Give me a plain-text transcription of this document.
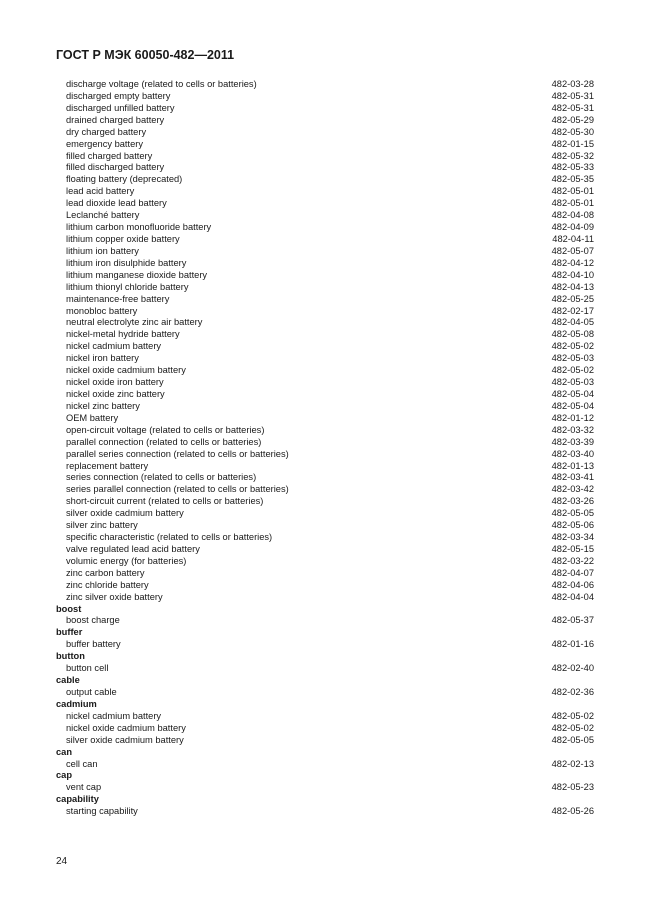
ГОСТ Р МЭК 60050-482—2011
discharge voltage (related to cells or batteries)	482-03-28
discharged empty battery	482-05-31
discharged unfilled battery	482-05-31
drained charged battery	482-05-29
dry charged battery	482-05-30
emergency battery	482-01-15
filled charged battery	482-05-32
filled discharged battery	482-05-33
floating battery (deprecated)	482-05-35
lead acid battery	482-05-01
lead dioxide lead battery	482-05-01
Leclanché battery	482-04-08
lithium carbon monofluoride battery	482-04-09
lithium copper oxide battery	482-04-11
lithium ion battery	482-05-07
lithium iron disulphide battery	482-04-12
lithium manganese dioxide battery	482-04-10
lithium thionyl chloride battery	482-04-13
maintenance-free battery	482-05-25
monobloc battery	482-02-17
neutral electrolyte zinc air battery	482-04-05
nickel-metal hydride battery	482-05-08
nickel cadmium battery	482-05-02
nickel iron battery	482-05-03
nickel oxide cadmium battery	482-05-02
nickel oxide iron battery	482-05-03
nickel oxide zinc battery	482-05-04
nickel zinc battery	482-05-04
OEM battery	482-01-12
open-circuit voltage (related to cells or batteries)	482-03-32
parallel connection (related to cells or batteries)	482-03-39
parallel series connection (related to cells or batteries)	482-03-40
replacement battery	482-01-13
series connection (related to cells or batteries)	482-03-41
series parallel connection (related to cells or batteries)	482-03-42
short-circuit current (related to cells or batteries)	482-03-26
silver oxide cadmium battery	482-05-05
silver zinc battery	482-05-06
specific characteristic (related to cells or batteries)	482-03-34
valve regulated lead acid battery	482-05-15
volumic energy (for batteries)	482-03-22
zinc carbon battery	482-04-07
zinc chloride battery	482-04-06
zinc silver oxide battery	482-04-04
boost
boost charge	482-05-37
buffer
buffer battery	482-01-16
button
button cell	482-02-40
cable
output cable	482-02-36
cadmium
nickel cadmium battery	482-05-02
nickel oxide cadmium battery	482-05-02
silver oxide cadmium battery	482-05-05
can
cell can	482-02-13
cap
vent cap	482-05-23
capability
starting capability	482-05-26
24
